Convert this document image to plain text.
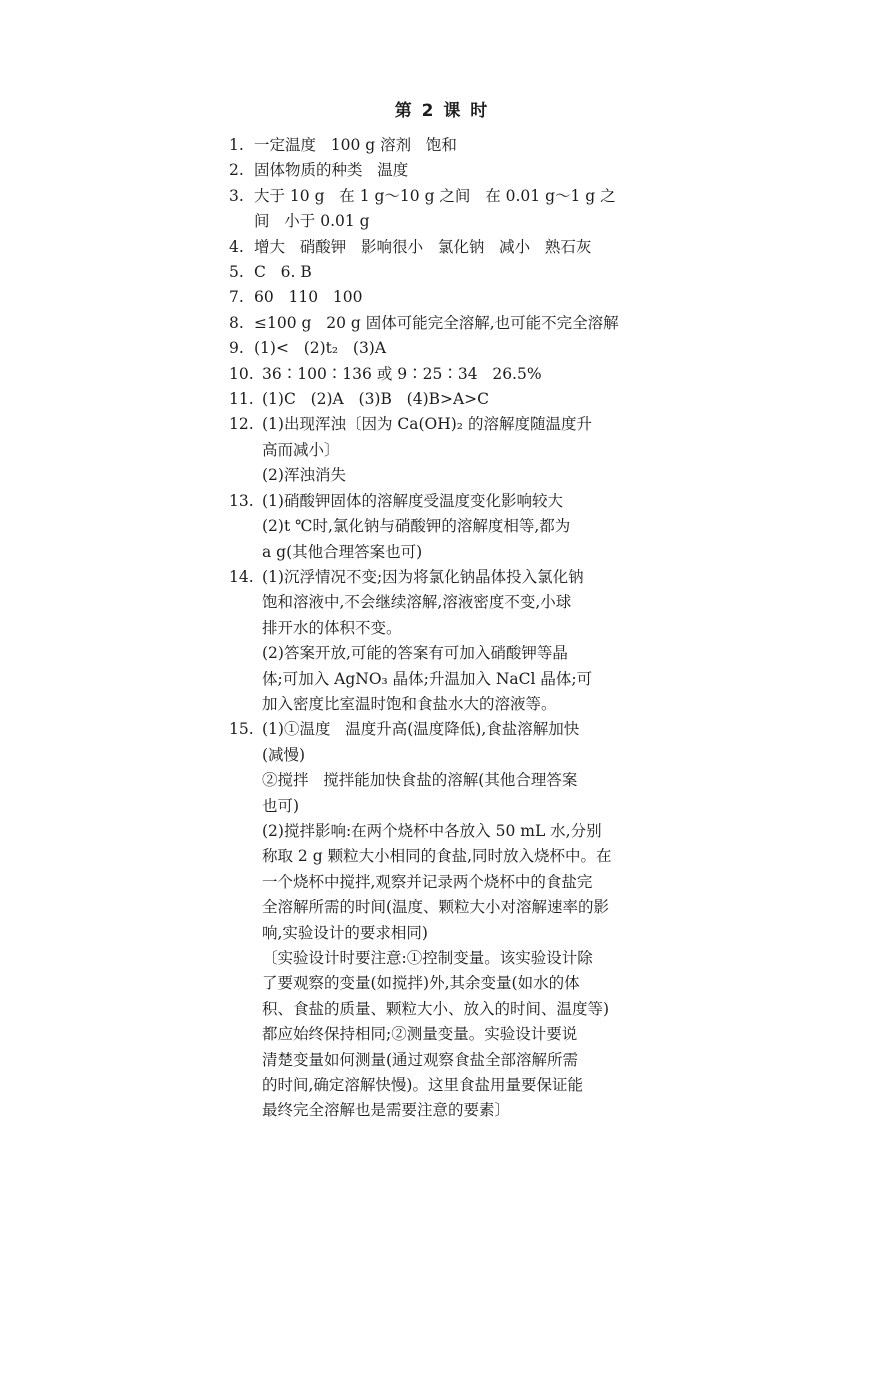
第 2 课 时
1. 一定温度   100 g 溶剂   饱和
2. 固体物质的种类   温度
3. 大于 10 g   在 1 g～10 g 之间   在 0.01 g～1 g 之
间   小于 0.01 g
4. 增大   硝酸钾   影响很小   氯化钠   减小   熟石灰
5. C   6. B
7. 60   110   100
8. ≤100 g   20 g 固体可能完全溶解,也可能不完全溶解
9. (1)<   (2)t₂   (3)A
10. 36∶100∶136 或 9∶25∶34   26.5%
11. (1)C   (2)A   (3)B   (4)B>A>C
12. (1)出现浑浊〔因为 Ca(OH)₂ 的溶解度随温度升
高而减小〕
(2)浑浊消失
13. (1)硝酸钾固体的溶解度受温度变化影响较大
(2)t ℃时,氯化钠与硝酸钾的溶解度相等,都为
a g(其他合理答案也可)
14. (1)沉浮情况不变;因为将氯化钠晶体投入氯化钠
饱和溶液中,不会继续溶解,溶液密度不变,小球
排开水的体积不变。
(2)答案开放,可能的答案有可加入硝酸钾等晶
体;可加入 AgNO₃ 晶体;升温加入 NaCl 晶体;可
加入密度比室温时饱和食盐水大的溶液等。
15. (1)①温度   温度升高(温度降低),食盐溶解加快
(减慢)
②搅拌   搅拌能加快食盐的溶解(其他合理答案
也可)
(2)搅拌影响:在两个烧杯中各放入 50 mL 水,分别
称取 2 g 颗粒大小相同的食盐,同时放入烧杯中。在
一个烧杯中搅拌,观察并记录两个烧杯中的食盐完
全溶解所需的时间(温度、颗粒大小对溶解速率的影
响,实验设计的要求相同)
〔实验设计时要注意:①控制变量。该实验设计除
了要观察的变量(如搅拌)外,其余变量(如水的体
积、食盐的质量、颗粒大小、放入的时间、温度等)
都应始终保持相同;②测量变量。实验设计要说
清楚变量如何测量(通过观察食盐全部溶解所需
的时间,确定溶解快慢)。这里食盐用量要保证能
最终完全溶解也是需要注意的要素〕
